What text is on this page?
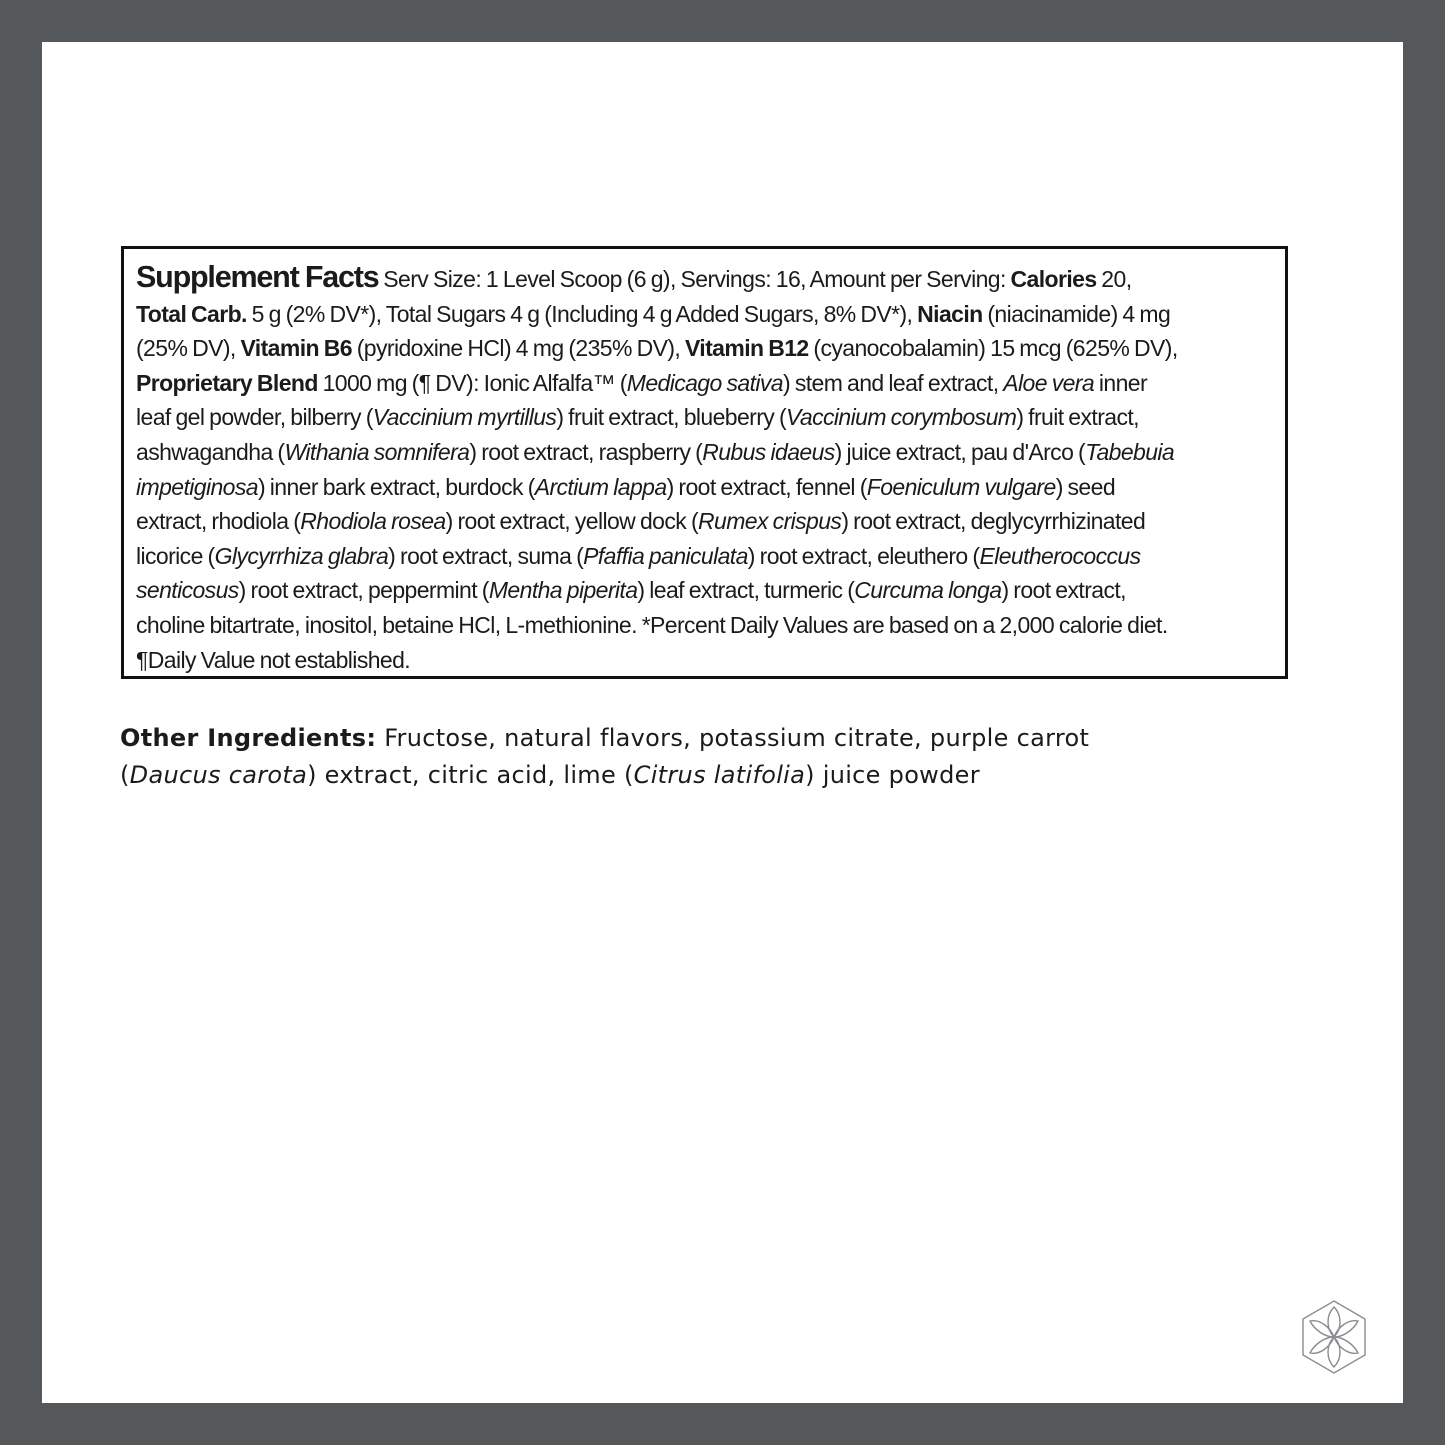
Supplement Facts Serv Size: 1 Level Scoop (6 g), Servings: 16, Amount per Serving: Calories 20,
Total Carb. 5 g (2% DV*), Total Sugars 4 g (Including 4 g Added Sugars, 8% DV*), Niacin (niacinamide) 4 mg
(25% DV), Vitamin B6 (pyridoxine HCl) 4 mg (235% DV), Vitamin B12 (cyanocobalamin) 15 mcg (625% DV),
Proprietary Blend 1000 mg (¶ DV): Ionic Alfalfa™ (Medicago sativa) stem and leaf extract, Aloe vera inner
leaf gel powder, bilberry (Vaccinium myrtillus) fruit extract, blueberry (Vaccinium corymbosum) fruit extract,
ashwagandha (Withania somnifera) root extract, raspberry (Rubus idaeus) juice extract, pau d'Arco (Tabebuia
impetiginosa) inner bark extract, burdock (Arctium lappa) root extract, fennel (Foeniculum vulgare) seed
extract, rhodiola (Rhodiola rosea) root extract, yellow dock (Rumex crispus) root extract, deglycyrrhizinated
licorice (Glycyrrhiza glabra) root extract, suma (Pfaffia paniculata) root extract, eleuthero (Eleutherococcus
senticosus) root extract, peppermint (Mentha piperita) leaf extract, turmeric (Curcuma longa) root extract,
choline bitartrate, inositol, betaine HCl, L-methionine. *Percent Daily Values are based on a 2,000 calorie diet.
¶Daily Value not established.
Other Ingredients: Fructose, natural flavors, potassium citrate, purple carrot
(Daucus carota) extract, citric acid, lime (Citrus latifolia) juice powder
